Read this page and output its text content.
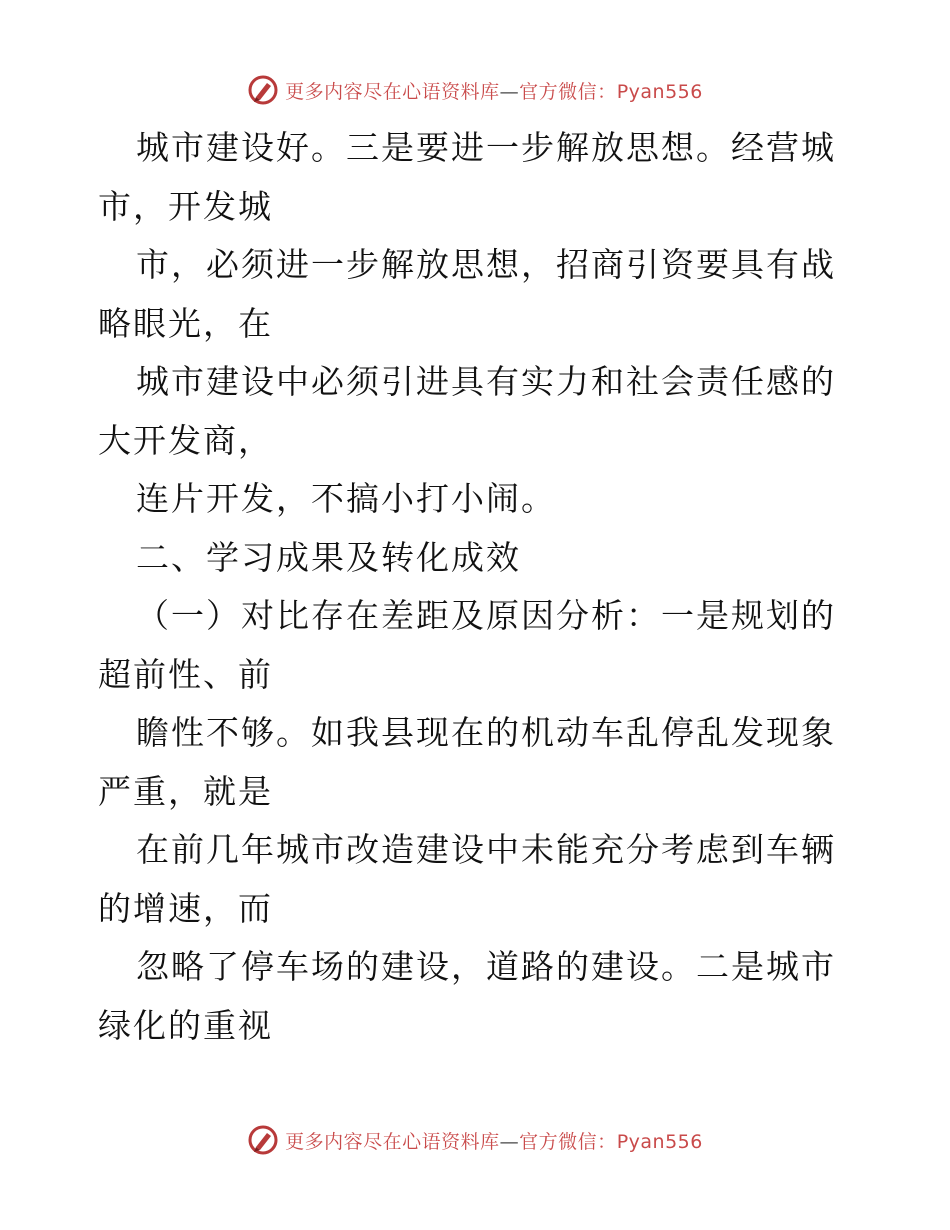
更多内容尽在心语资料库—官方微信：Pyan556

城市建设好。三是要进一步解放思想。经营城市，开发城

市，必须进一步解放思想，招商引资要具有战略眼光，在

城市建设中必须引进具有实力和社会责任感的大开发商，

连片开发，不搞小打小闹。

二、学习成果及转化成效

（一）对比存在差距及原因分析：一是规划的超前性、前

瞻性不够。如我县现在的机动车乱停乱发现象严重，就是

在前几年城市改造建设中未能充分考虑到车辆的增速，而

忽略了停车场的建设，道路的建设。二是城市绿化的重视

更多内容尽在心语资料库—官方微信：Pyan556
